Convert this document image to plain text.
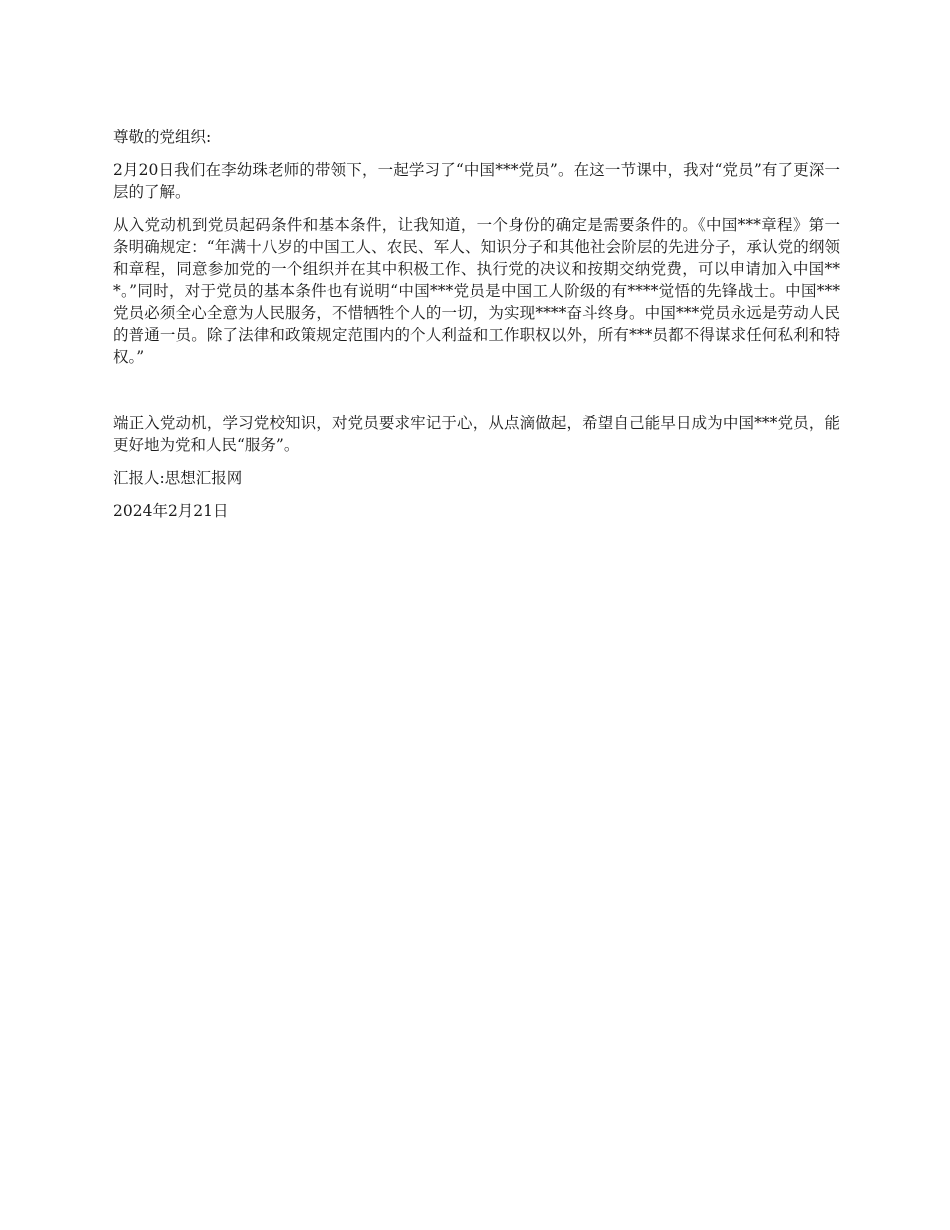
尊敬的党组织:

2月20日我们在李幼珠老师的带领下，一起学习了“中国***党员”。在这一节课中，我对“党员”有了更深一层的了解。

从入党动机到党员起码条件和基本条件，让我知道，一个身份的确定是需要条件的。《中国***章程》第一条明确规定：“年满十八岁的中国工人、农民、军人、知识分子和其他社会阶层的先进分子，承认党的纲领和章程，同意参加党的一个组织并在其中积极工作、执行党的决议和按期交纳党费，可以申请加入中国***。”同时，对于党员的基本条件也有说明“中国***党员是中国工人阶级的有****觉悟的先锋战士。中国***党员必须全心全意为人民服务，不惜牺牲个人的一切，为实现****奋斗终身。中国***党员永远是劳动人民的普通一员。除了法律和政策规定范围内的个人利益和工作职权以外，所有***员都不得谋求任何私利和特权。”

端正入党动机，学习党校知识，对党员要求牢记于心，从点滴做起，希望自己能早日成为中国***党员，能更好地为党和人民“服务”。

汇报人:思想汇报网

2024年2月21日
